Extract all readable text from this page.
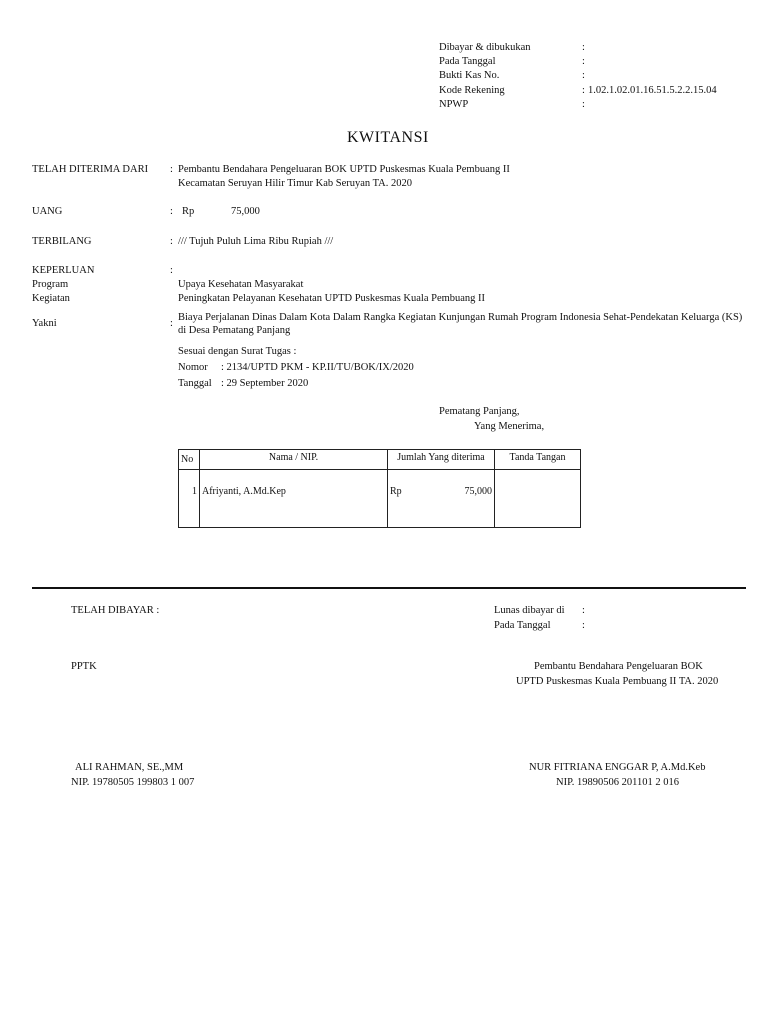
Dibayar & dibukukan	:
Pada Tanggal	:
Bukti Kas No.	:
Kode Rekening	: 1.02.1.02.01.16.51.5.2.2.15.04
NPWP	:
KWITANSI
TELAH DITERIMA DARI : Pembantu Bendahara Pengeluaran BOK UPTD Puskesmas Kuala Pembuang II
Kecamatan Seruyan Hilir Timur Kab Seruyan TA. 2020
UANG	: Rp	75,000
TERBILANG	: /// Tujuh Puluh Lima Ribu Rupiah ///
KEPERLUAN	:
Program	Upaya Kesehatan Masyarakat
Kegiatan	Peningkatan Pelayanan Kesehatan UPTD Puskesmas Kuala Pembuang II
Yakni	:
Biaya Perjalanan Dinas Dalam Kota Dalam Rangka Kegiatan Kunjungan Rumah Program Indonesia Sehat-Pendekatan Keluarga (KS) di Desa Pematang Panjang
Sesuai dengan Surat Tugas :
Nomor : 2134/UPTD PKM - KP.II/TU/BOK/IX/2020
Tanggal : 29 September 2020
Pematang Panjang,
Yang Menerima,
No	Nama / NIP.	Jumlah Yang diterima	Tanda Tangan
1	Afriyanti, A.Md.Kep	Rp 75,000	

TELAH DIBAYAR :	Lunas dibayar di :
Pada Tanggal	:
PPTK	Pembantu Bendahara Pengeluaran BOK
UPTD Puskesmas Kuala Pembuang II TA. 2020
ALI RAHMAN, SE.,MM
NIP. 19780505 199803 1 007
NUR FITRIANA ENGGAR P, A.Md.Keb
NIP. 19890506 201101 2 016
